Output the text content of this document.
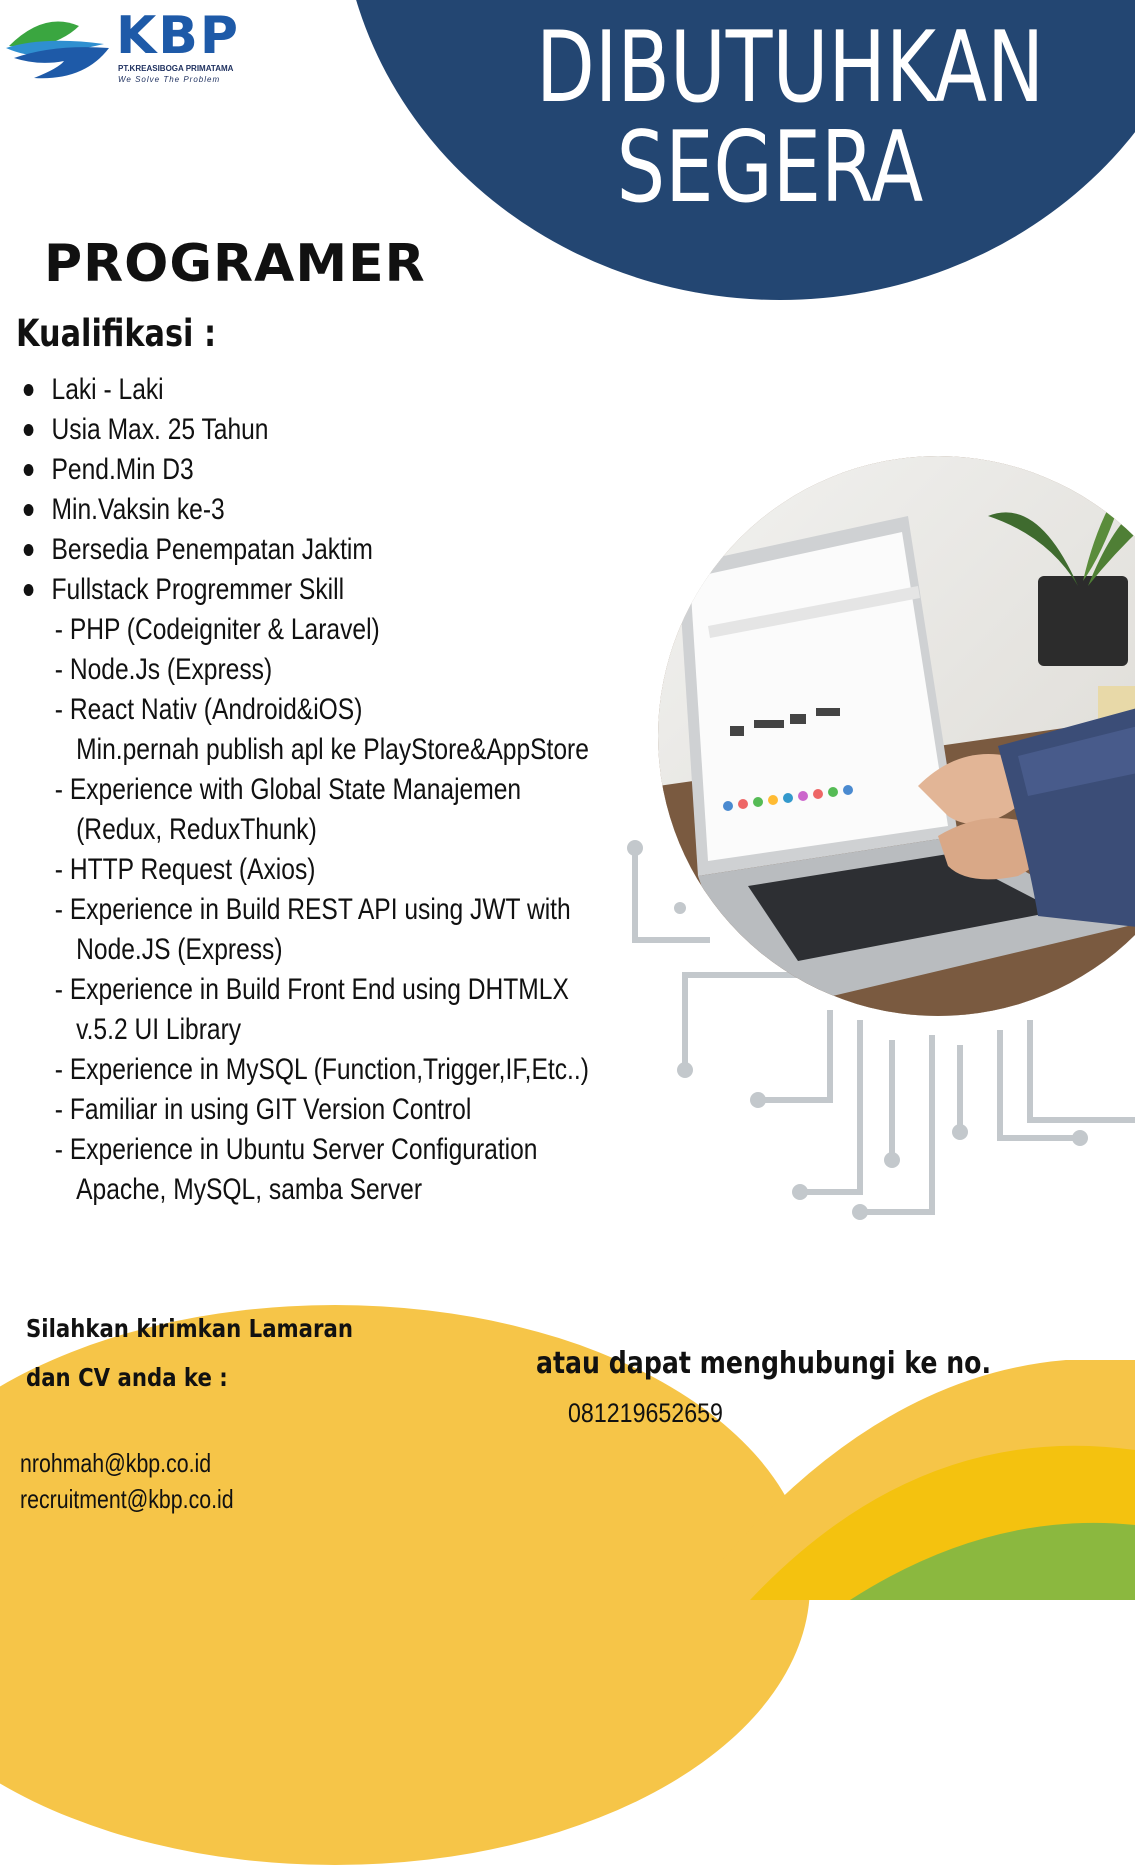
KBP
PT.KREASIBOGA PRIMATAMA
We Solve The Problem	DIBUTUHKAN
SEGERA
PROGRAMER
Kualifikasi :
Laki - Laki
Usia Max. 25 Tahun
Pend.Min D3
Min.Vaksin ke-3
Bersedia Penempatan Jaktim
Fullstack Progremmer Skill
- PHP (Codeigniter & Laravel)
- Node.Js (Express)
- React Nativ (Android&iOS)
Min.pernah publish apl ke PlayStore&AppStore
- Experience with Global State Manajemen
(Redux, ReduxThunk)
- HTTP Request (Axios)
- Experience in Build REST API using JWT with
Node.JS (Express)
- Experience in Build Front End using DHTMLX
v.5.2 UI Library
- Experience in MySQL (Function,Trigger,IF,Etc..)
- Familiar in using GIT Version Control
- Experience in Ubuntu Server Configuration
Apache, MySQL, samba Server
Silahkan kirimkan Lamaran
dan CV anda ke :
nrohmah@kbp.co.id
recruitment@kbp.co.id
atau dapat menghubungi ke no.
081219652659
